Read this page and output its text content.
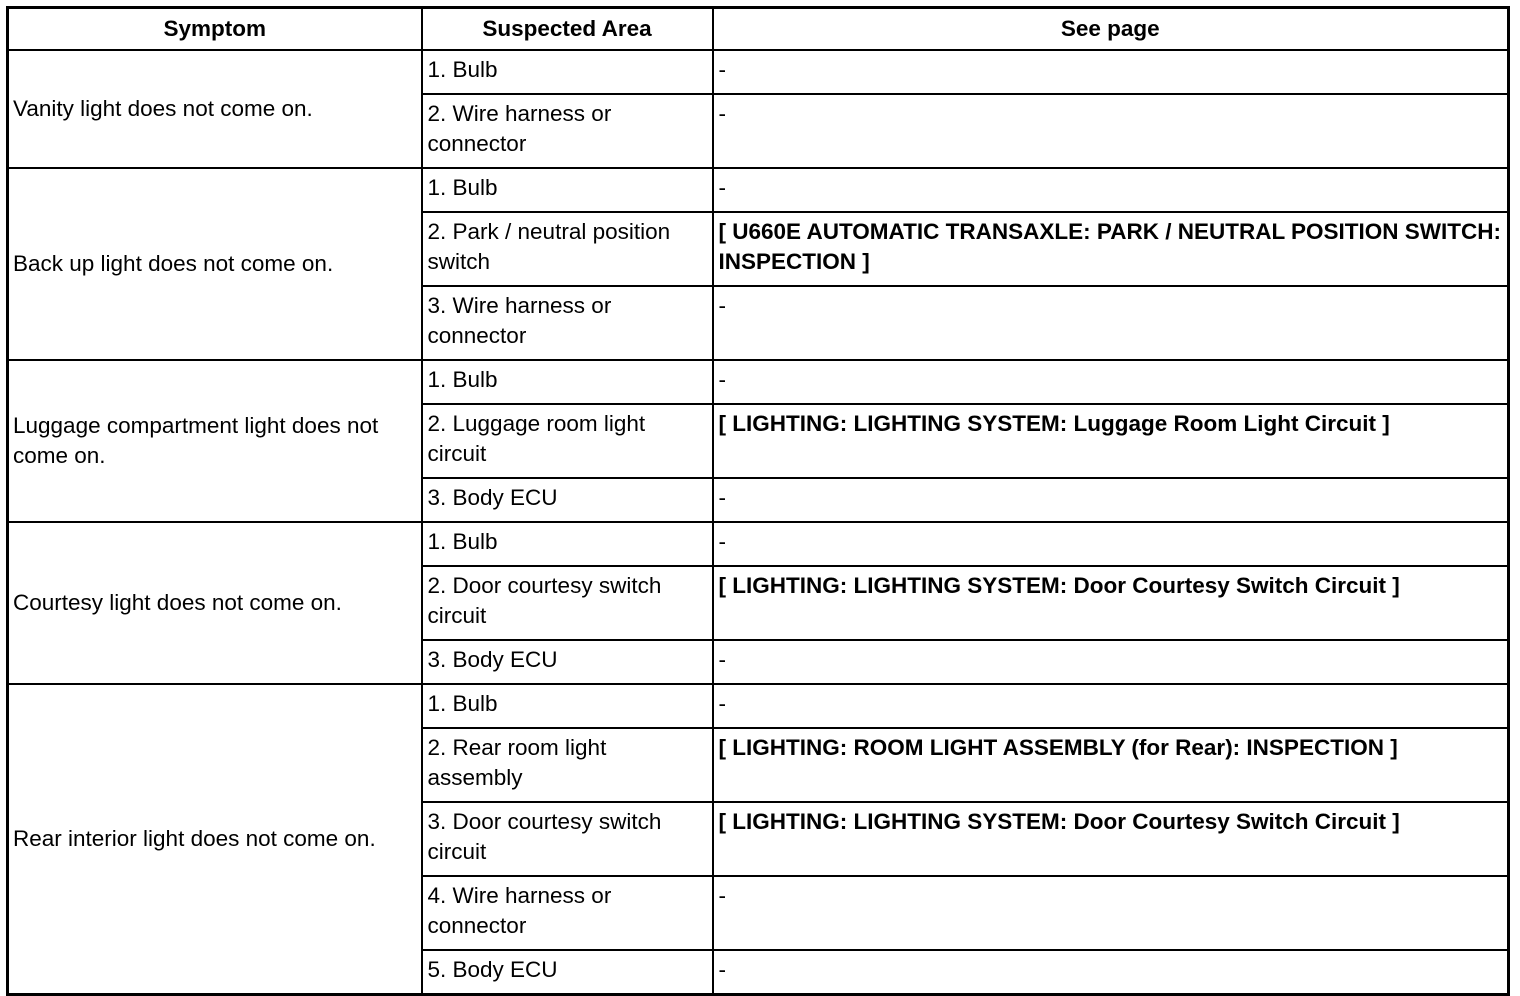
Symptom	Suspected Area	See page
Vanity light does not come on.	1. Bulb	-
	2. Wire harness or connector	-
Back up light does not come on.	1. Bulb	-
	2. Park / neutral position switch	[ U660E AUTOMATIC TRANSAXLE: PARK / NEUTRAL POSITION SWITCH: INSPECTION ]
	3. Wire harness or connector	-
Luggage compartment light does not come on.	1. Bulb	-
	2. Luggage room light circuit	[ LIGHTING: LIGHTING SYSTEM: Luggage Room Light Circuit ]
	3. Body ECU	-
Courtesy light does not come on.	1. Bulb	-
	2. Door courtesy switch circuit	[ LIGHTING: LIGHTING SYSTEM: Door Courtesy Switch Circuit ]
	3. Body ECU	-
Rear interior light does not come on.	1. Bulb	-
	2. Rear room light assembly	[ LIGHTING: ROOM LIGHT ASSEMBLY (for Rear): INSPECTION ]
	3. Door courtesy switch circuit	[ LIGHTING: LIGHTING SYSTEM: Door Courtesy Switch Circuit ]
	4. Wire harness or connector	-
	5. Body ECU	-
